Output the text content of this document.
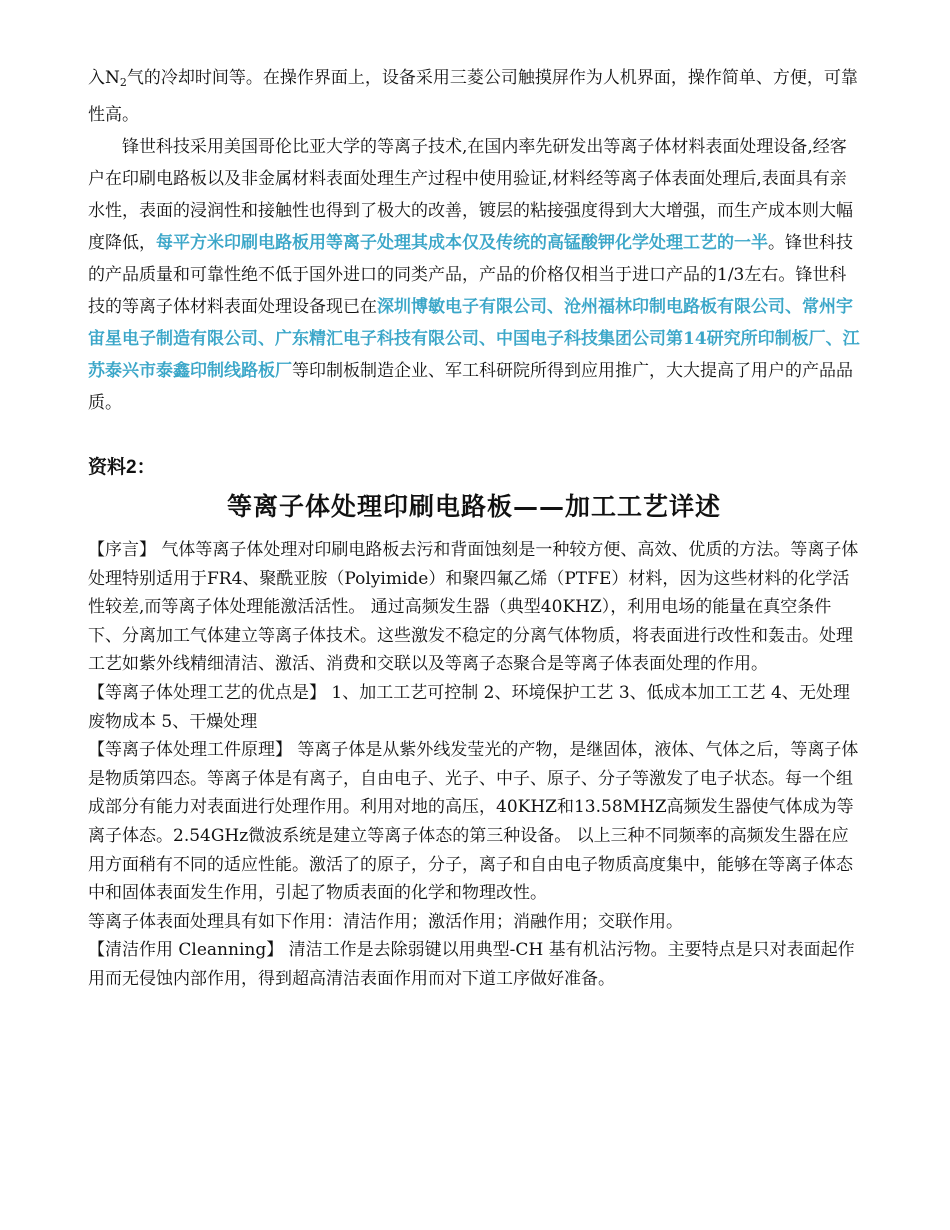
入$N_2$气的冷却时间等。在操作界面上，设备采用三菱公司触摸屏作为人机界面，操作简单、方便，可靠性高。

锋世科技采用美国哥伦比亚大学的等离子技术,在国内率先研发出等离子体材料表面处理设备,经客户在印刷电路板以及非金属材料表面处理生产过程中使用验证,材料经等离子体表面处理后,表面具有亲水性，表面的浸润性和接触性也得到了极大的改善，镀层的粘接强度得到大大增强，而生产成本则大幅度降低，每平方米印刷电路板用等离子处理其成本仅及传统的高锰酸钾化学处理工艺的一半。锋世科技的产品质量和可靠性绝不低于国外进口的同类产品，产品的价格仅相当于进口产品的1/3左右。锋世科技的等离子体材料表面处理设备现已在深圳博敏电子有限公司、沧州福林印制电路板有限公司、常州宇宙星电子制造有限公司、广东精汇电子科技有限公司、中国电子科技集团公司第14研究所印制板厂、江苏泰兴市泰鑫印制线路板厂等印制板制造企业、军工科研院所得到应用推广，大大提高了用户的产品品质。

资料2：
等离子体处理印刷电路板——加工工艺详述

【序言】 气体等离子体处理对印刷电路板去污和背面蚀刻是一种较方便、高效、优质的方法。等离子体处理特别适用于FR4、聚酰亚胺（Polyimide）和聚四氟乙烯（PTFE）材料，因为这些材料的化学活性较差,而等离子体处理能激活活性。 通过高频发生器（典型40KHZ），利用电场的能量在真空条件下、分离加工气体建立等离子体技术。这些激发不稳定的分离气体物质，将表面进行改性和轰击。处理工艺如紫外线精细清洁、激活、消费和交联以及等离子态聚合是等离子体表面处理的作用。

【等离子体处理工艺的优点是】 1、加工工艺可控制 2、环境保护工艺 3、低成本加工工艺 4、无处理废物成本 5、干燥处理

【等离子体处理工件原理】 等离子体是从紫外线发莹光的产物，是继固体，液体、气体之后，等离子体是物质第四态。等离子体是有离子，自由电子、光子、中子、原子、分子等激发了电子状态。每一个组成部分有能力对表面进行处理作用。利用对地的高压，40KHZ和13.58MHZ高频发生器使气体成为等离子体态。2.54GHz微波系统是建立等离子体态的第三种设备。 以上三种不同频率的高频发生器在应用方面稍有不同的适应性能。激活了的原子，分子，离子和自由电子物质高度集中，能够在等离子体态中和固体表面发生作用，引起了物质表面的化学和物理改性。

等离子体表面处理具有如下作用：清洁作用；激活作用；消融作用；交联作用。

【清洁作用 Cleanning】 清洁工作是去除弱键以用典型-CH 基有机沾污物。主要特点是只对表面起作用而无侵蚀内部作用，得到超高清洁表面作用而对下道工序做好准备。
